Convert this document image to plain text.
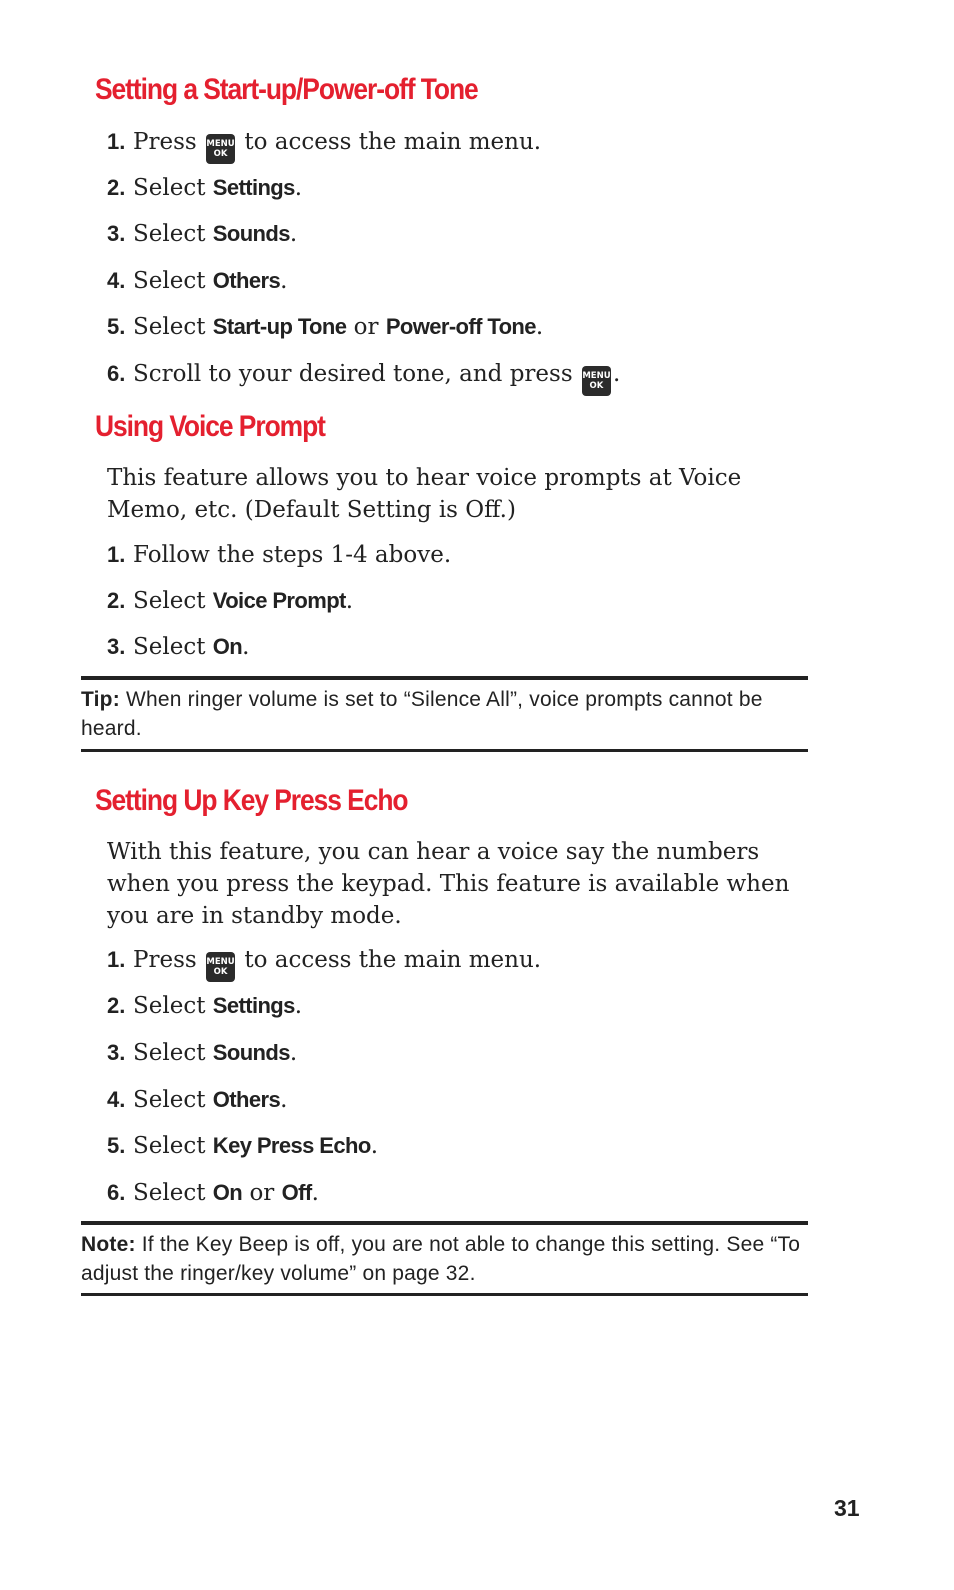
Setting a Start-up/Power-off Tone
1. Press MENU
OK to access the main menu.
2. Select Settings.
3. Select Sounds.
4. Select Others.
5. Select Start-up Tone or Power-off Tone.
6. Scroll to your desired tone, and press MENU
OK .
Using Voice Prompt

This feature allows you to hear voice prompts at Voice Memo, etc. (Default Setting is Off.)

1. Follow the steps 1-4 above.
2. Select Voice Prompt.
3. Select On.
Tip: When ringer volume is set to “Silence All”, voice prompts cannot be heard.
Setting Up Key Press Echo

With this feature, you can hear a voice say the numbers when you press the keypad. This feature is available when you are in standby mode.

1. Press MENU
OK to access the main menu.
2. Select Settings.
3. Select Sounds.
4. Select Others.
5. Select Key Press Echo.
6. Select On or Off.
Note: If the Key Beep is off, you are not able to change this setting. See “To adjust the ringer/key volume” on page 32.
31
